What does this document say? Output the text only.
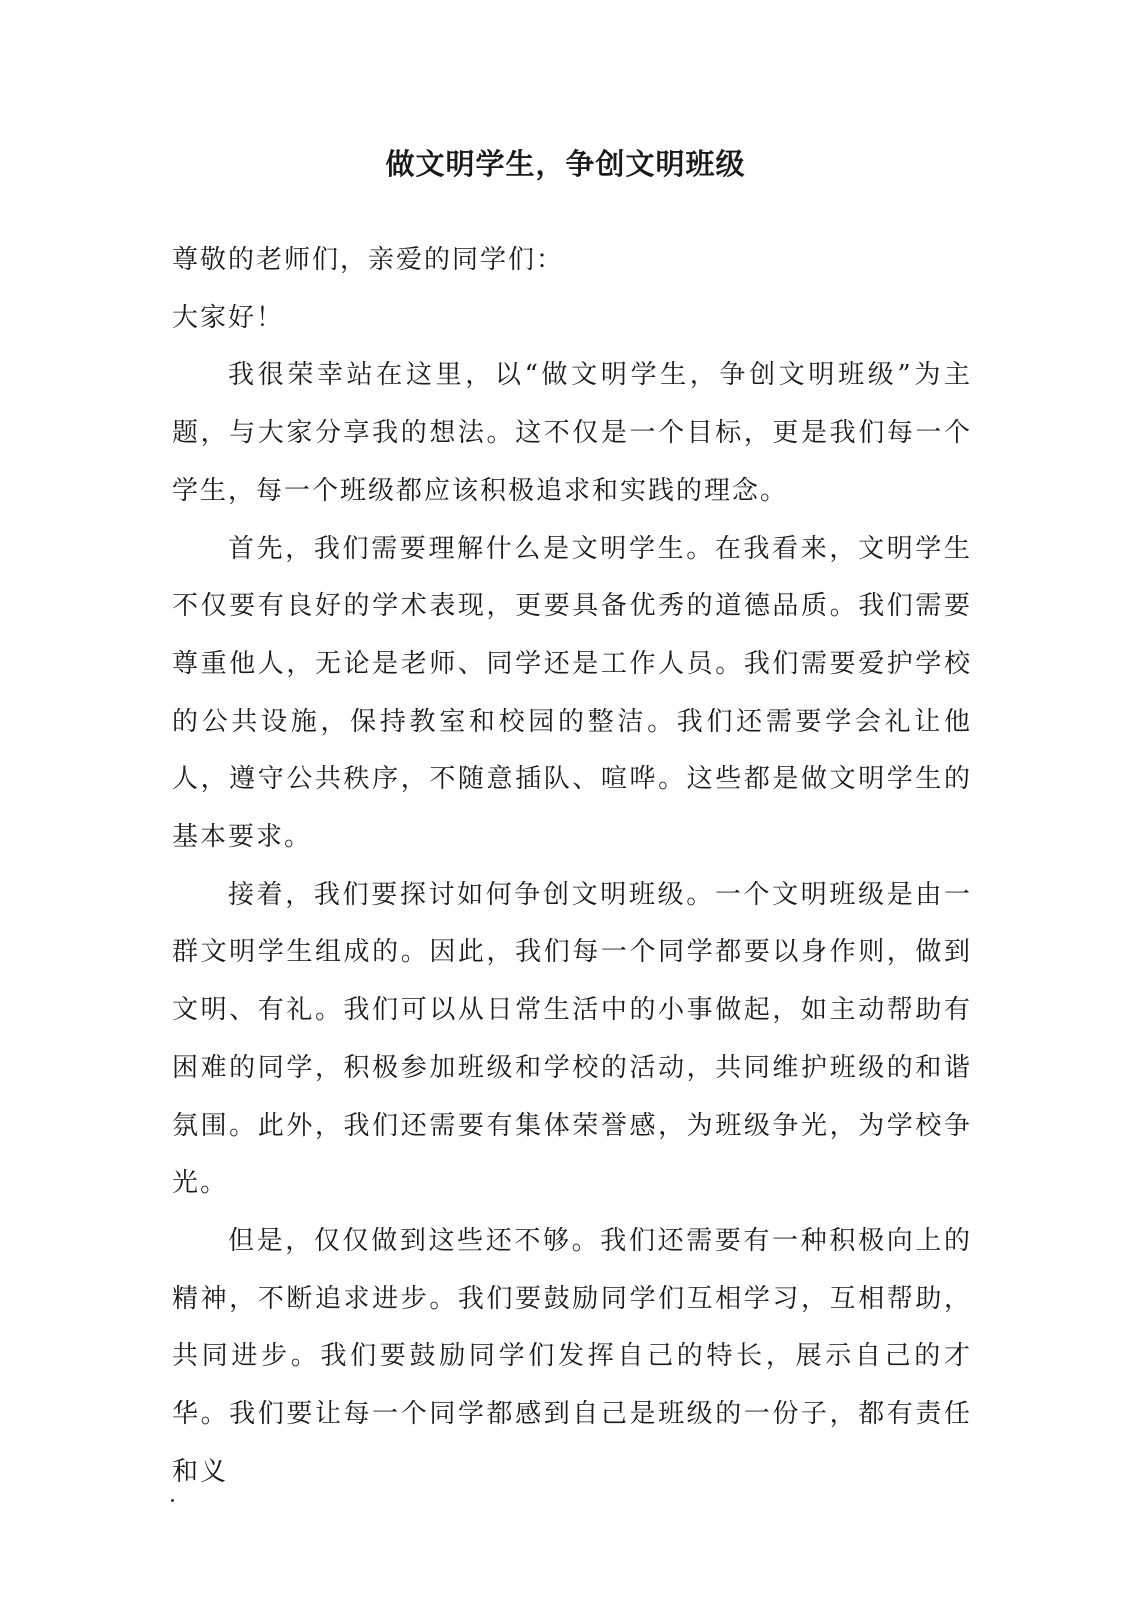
做文明学生，争创文明班级

尊敬的老师们，亲爱的同学们：

大家好！

我很荣幸站在这里，以“做文明学生，争创文明班级”为主题，与大家分享我的想法。这不仅是一个目标，更是我们每一个学生，每一个班级都应该积极追求和实践的理念。

首先，我们需要理解什么是文明学生。在我看来，文明学生不仅要有良好的学术表现，更要具备优秀的道德品质。我们需要尊重他人，无论是老师、同学还是工作人员。我们需要爱护学校的公共设施，保持教室和校园的整洁。我们还需要学会礼让他人，遵守公共秩序，不随意插队、喧哗。这些都是做文明学生的基本要求。

接着，我们要探讨如何争创文明班级。一个文明班级是由一群文明学生组成的。因此，我们每一个同学都要以身作则，做到文明、有礼。我们可以从日常生活中的小事做起，如主动帮助有困难的同学，积极参加班级和学校的活动，共同维护班级的和谐氛围。此外，我们还需要有集体荣誉感，为班级争光，为学校争光。

但是，仅仅做到这些还不够。我们还需要有一种积极向上的精神，不断追求进步。我们要鼓励同学们互相学习，互相帮助，共同进步。我们要鼓励同学们发挥自己的特长，展示自己的才华。我们要让每一个同学都感到自己是班级的一份子，都有责任和义
